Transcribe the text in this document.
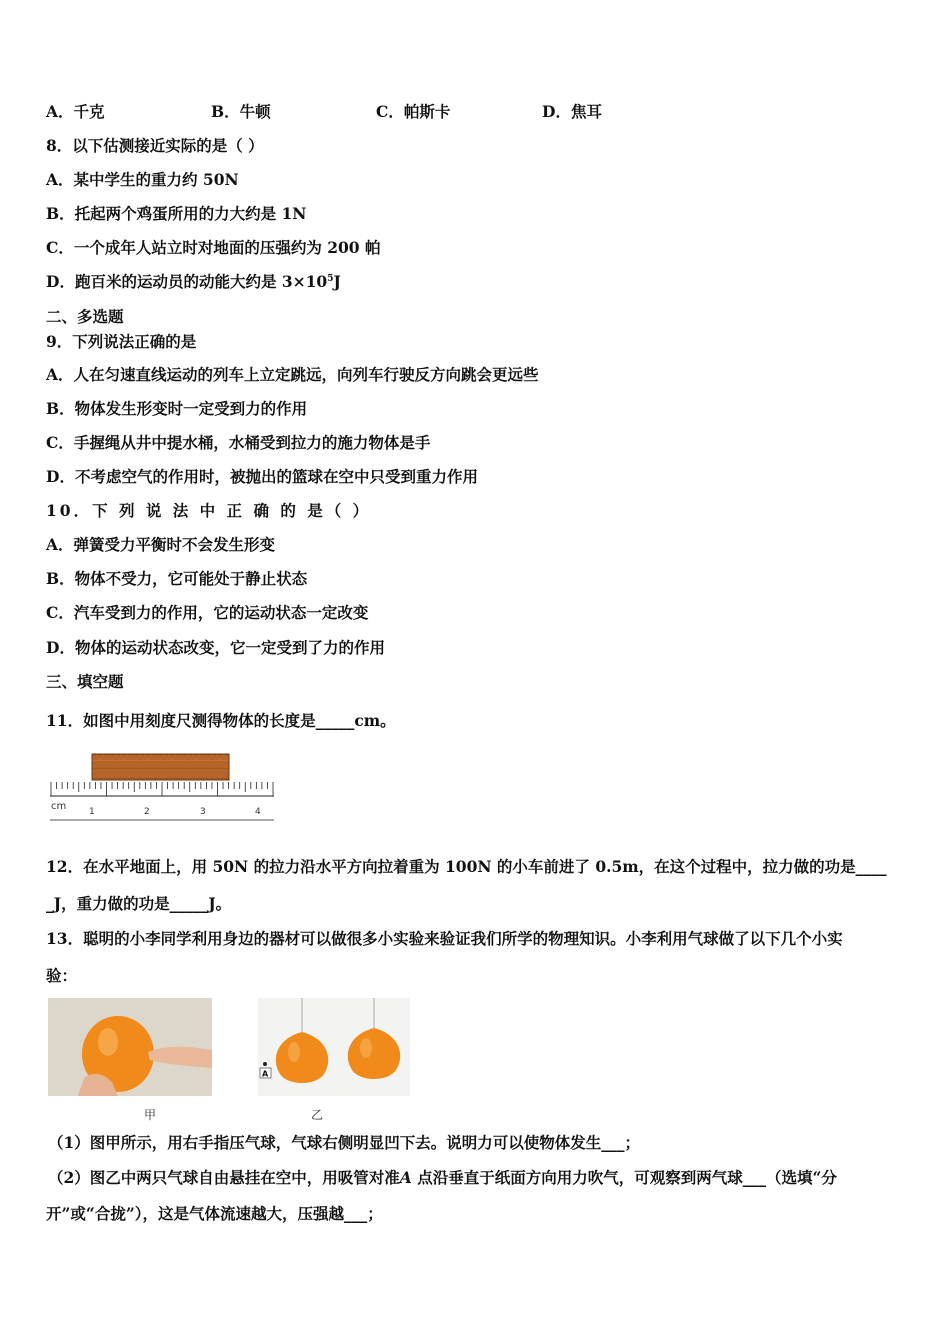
A．千克	B．牛顿	C．帕斯卡	D．焦耳
8．以下估测接近实际的是（ ）
A．某中学生的重力约 50N
B．托起两个鸡蛋所用的力大约是 1N
C．一个成年人站立时对地面的压强约为 200 帕
D．跑百米的运动员的动能大约是 $3\times 10^5J$
二、多选题
9．下列说法正确的是
A．人在匀速直线运动的列车上立定跳远，向列车行驶反方向跳会更远些
B．物体发生形变时一定受到力的作用
C．手握绳从井中提水桶，水桶受到拉力的施力物体是手
D．不考虑空气的作用时，被抛出的篮球在空中只受到重力作用
10．下 列 说 法 中 正 确 的 是（ ）
A．弹簧受力平衡时不会发生形变
B．物体不受力，它可能处于静止状态
C．汽车受到力的作用，它的运动状态一定改变
D．物体的运动状态改变，它一定受到了力的作用
三、填空题
11．如图中用刻度尺测得物体的长度是_____cm。
cm	1	2	3	4
12．在水平地面上，用 50N 的拉力沿水平方向拉着重为 100N 的小车前进了 0.5m，在这个过程中，拉力做的功是____
_J，重力做的功是_____J。
13．聪明的小李同学利用身边的器材可以做很多小实验来验证我们所学的物理知识。小李利用气球做了以下几个小实
验：
甲
A
乙
（1）图甲所示，用右手指压气球，气球右侧明显凹下去。说明力可以使物体发生___；
（2）图乙中两只气球自由悬挂在空中，用吸管对准A 点沿垂直于纸面方向用力吹气，可观察到两气球___（选填“分
开”或“合拢”），这是气体流速越大，压强越___；
